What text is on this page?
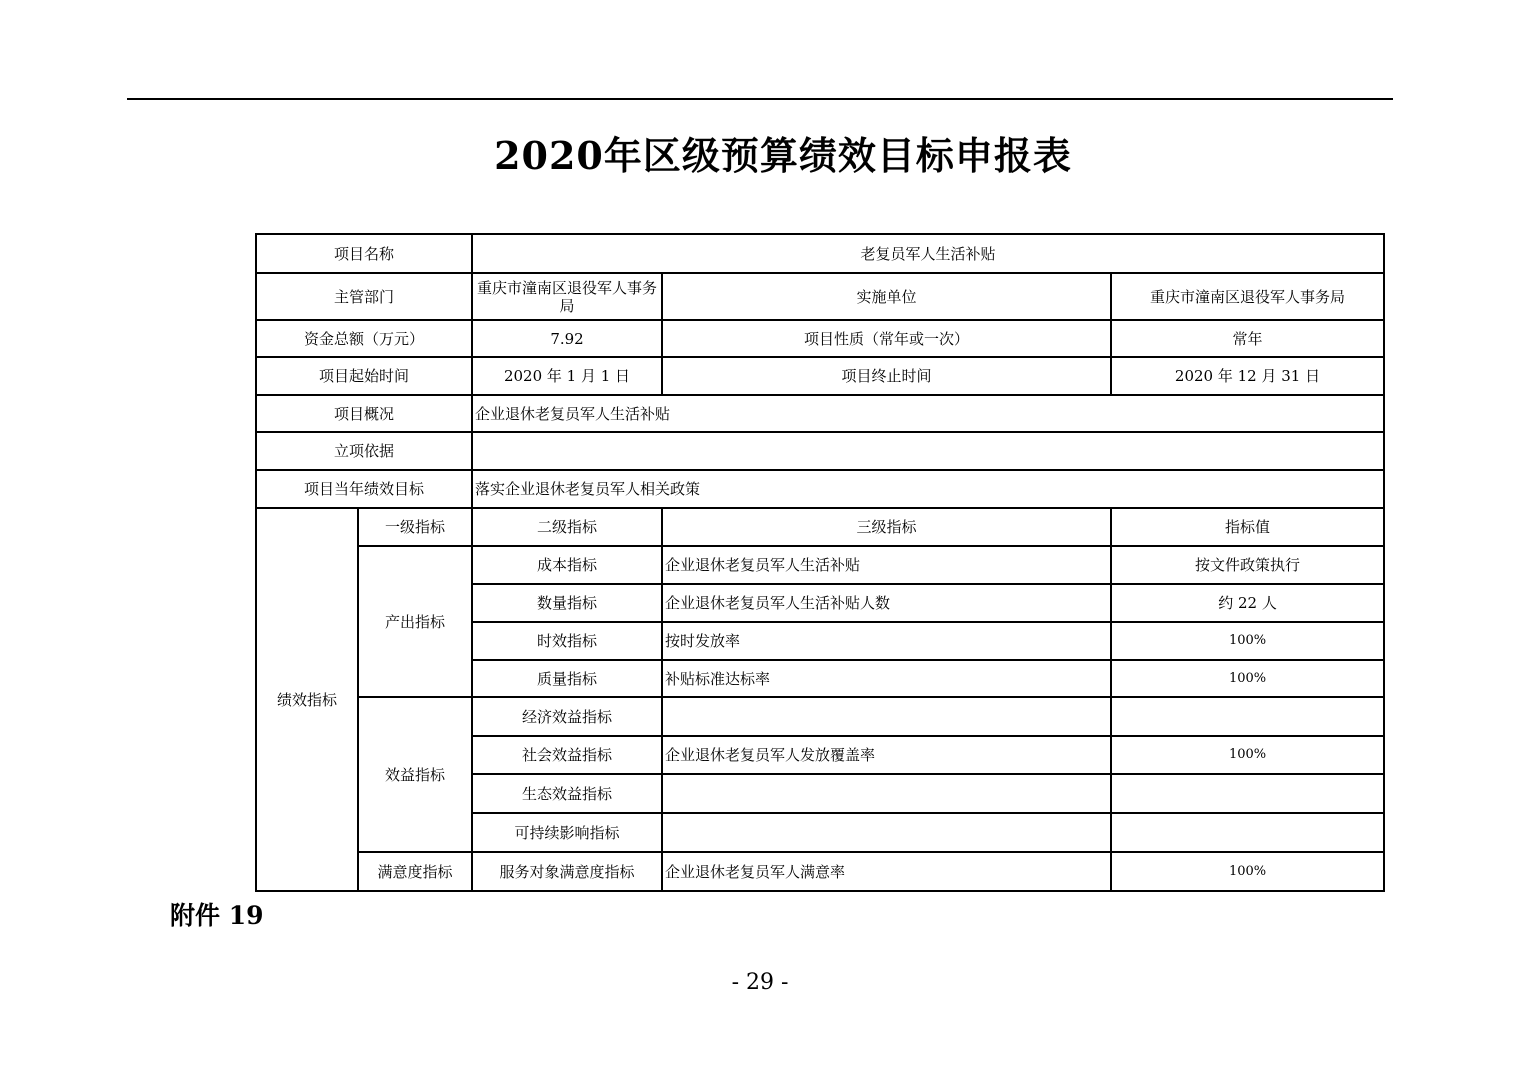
2020年区级预算绩效目标申报表
项目名称		老复员军人生活补贴		
主管部门		重庆市潼南区退役军人事务局	实施单位	重庆市潼南区退役军人事务局
资金总额（万元）		7.92	项目性质（常年或一次）	常年
项目起始时间		2020 年 1 月 1 日	项目终止时间	2020 年 12 月 31 日
项目概况		企业退休老复员军人生活补贴		
立项依据				
项目当年绩效目标		落实企业退休老复员军人相关政策		
绩效指标	一级指标	二级指标	三级指标	指标值
	产出指标	成本指标	企业退休老复员军人生活补贴	按文件政策执行
		数量指标	企业退休老复员军人生活补贴人数	约 22 人
		时效指标	按时发放率	100%
		质量指标	补贴标准达标率	100%
	效益指标	经济效益指标		
		社会效益指标	企业退休老复员军人发放覆盖率	100%
		生态效益指标		
		可持续影响指标		
	满意度指标	服务对象满意度指标	企业退休老复员军人满意率	100%
附件 19
- 29 -
